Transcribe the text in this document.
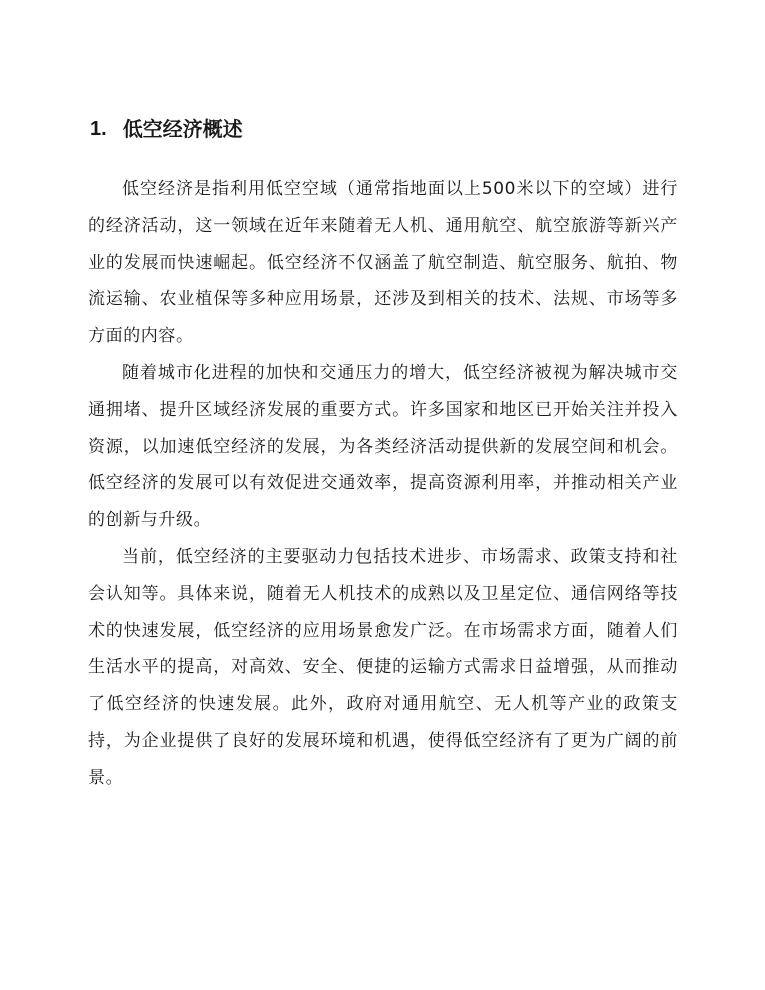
1. 低空经济概述

低空经济是指利用低空空域（通常指地面以上500米以下的空域）进行的经济活动，这一领域在近年来随着无人机、通用航空、航空旅游等新兴产业的发展而快速崛起。低空经济不仅涵盖了航空制造、航空服务、航拍、物流运输、农业植保等多种应用场景，还涉及到相关的技术、法规、市场等多方面的内容。

随着城市化进程的加快和交通压力的增大，低空经济被视为解决城市交通拥堵、提升区域经济发展的重要方式。许多国家和地区已开始关注并投入资源，以加速低空经济的发展，为各类经济活动提供新的发展空间和机会。低空经济的发展可以有效促进交通效率，提高资源利用率，并推动相关产业的创新与升级。

当前，低空经济的主要驱动力包括技术进步、市场需求、政策支持和社会认知等。具体来说，随着无人机技术的成熟以及卫星定位、通信网络等技术的快速发展，低空经济的应用场景愈发广泛。在市场需求方面，随着人们生活水平的提高，对高效、安全、便捷的运输方式需求日益增强，从而推动了低空经济的快速发展。此外，政府对通用航空、无人机等产业的政策支持，为企业提供了良好的发展环境和机遇，使得低空经济有了更为广阔的前景。
